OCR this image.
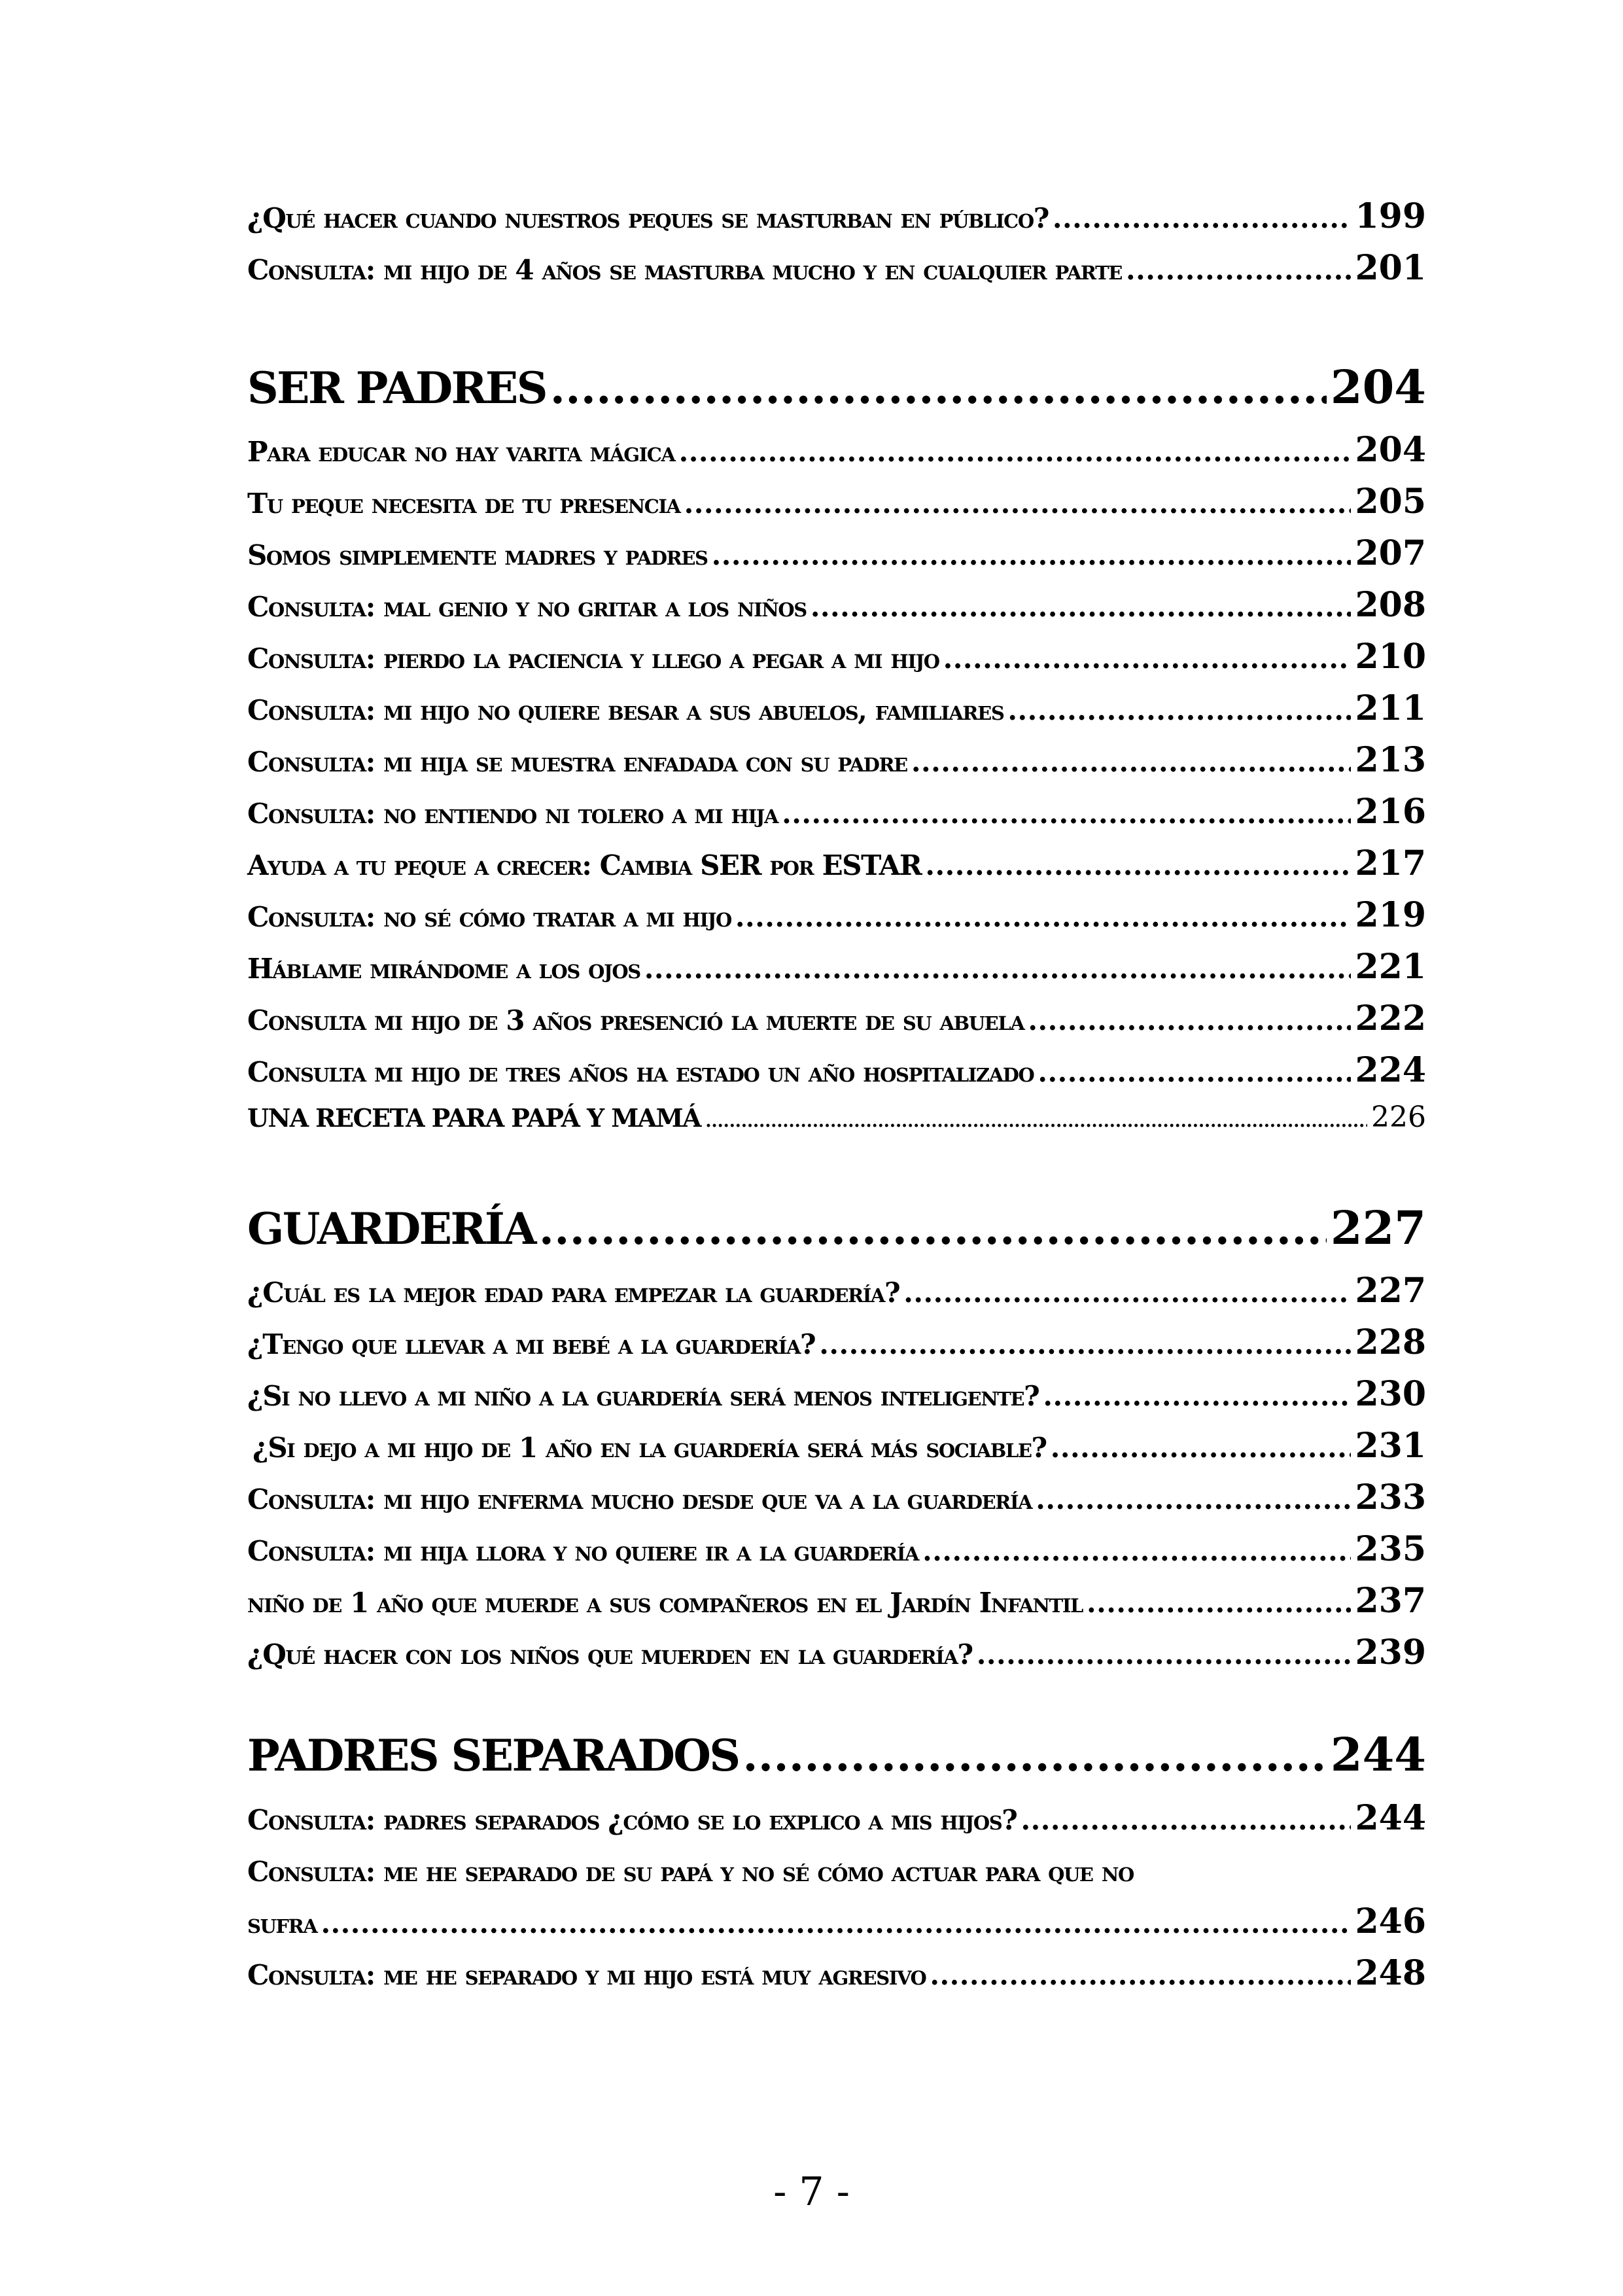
¿Qué hacer cuando nuestros peques se masturban en público? .....	199
Consulta: mi hijo de 4 años se masturba mucho y en cualquier parte .....	201
SER PADRES .....	204
Para educar no hay varita mágica .....	204
Tu peque necesita de tu presencia .....	205
Somos simplemente madres y padres .....	207
Consulta: mal genio y no gritar a los niños .....	208
Consulta: pierdo la paciencia y llego a pegar a mi hijo .....	210
Consulta: mi hijo no quiere besar a sus abuelos, familiares .....	211
Consulta: mi hija se muestra enfadada con su padre .....	213
Consulta: no entiendo ni tolero a mi hija .....	216
Ayuda a tu peque a crecer: Cambia SER por ESTAR .....	217
Consulta: no sé cómo tratar a mi hijo .....	219
Háblame mirándome a los ojos .....	221
Consulta mi hijo de 3 años presenció la muerte de su abuela .....	222
Consulta mi hijo de tres años ha estado un año hospitalizado .....	224
UNA RECETA PARA PAPÁ Y MAMÁ .....	226
GUARDERÍA .....	227
¿Cuál es la mejor edad para empezar la guardería? .....	227
¿Tengo que llevar a mi bebé a la guardería? .....	228
¿Si no llevo a mi niño a la guardería será menos inteligente? .....	230
¿Si dejo a mi hijo de 1 año en la guardería será más sociable? .....	231
Consulta: mi hijo enferma mucho desde que va a la guardería .....	233
Consulta: mi hija llora y no quiere ir a la guardería .....	235
niño de 1 año que muerde a sus compañeros en el Jardín Infantil .....	237
¿Qué hacer con los niños que muerden en la guardería? .....	239
PADRES SEPARADOS .....	244
Consulta: padres separados ¿cómo se lo explico a mis hijos? .....	244
Consulta: me he separado de su papá y no sé cómo actuar para que no
sufra .....	246
Consulta: me he separado y mi hijo está muy agresivo .....	248
- 7 -
